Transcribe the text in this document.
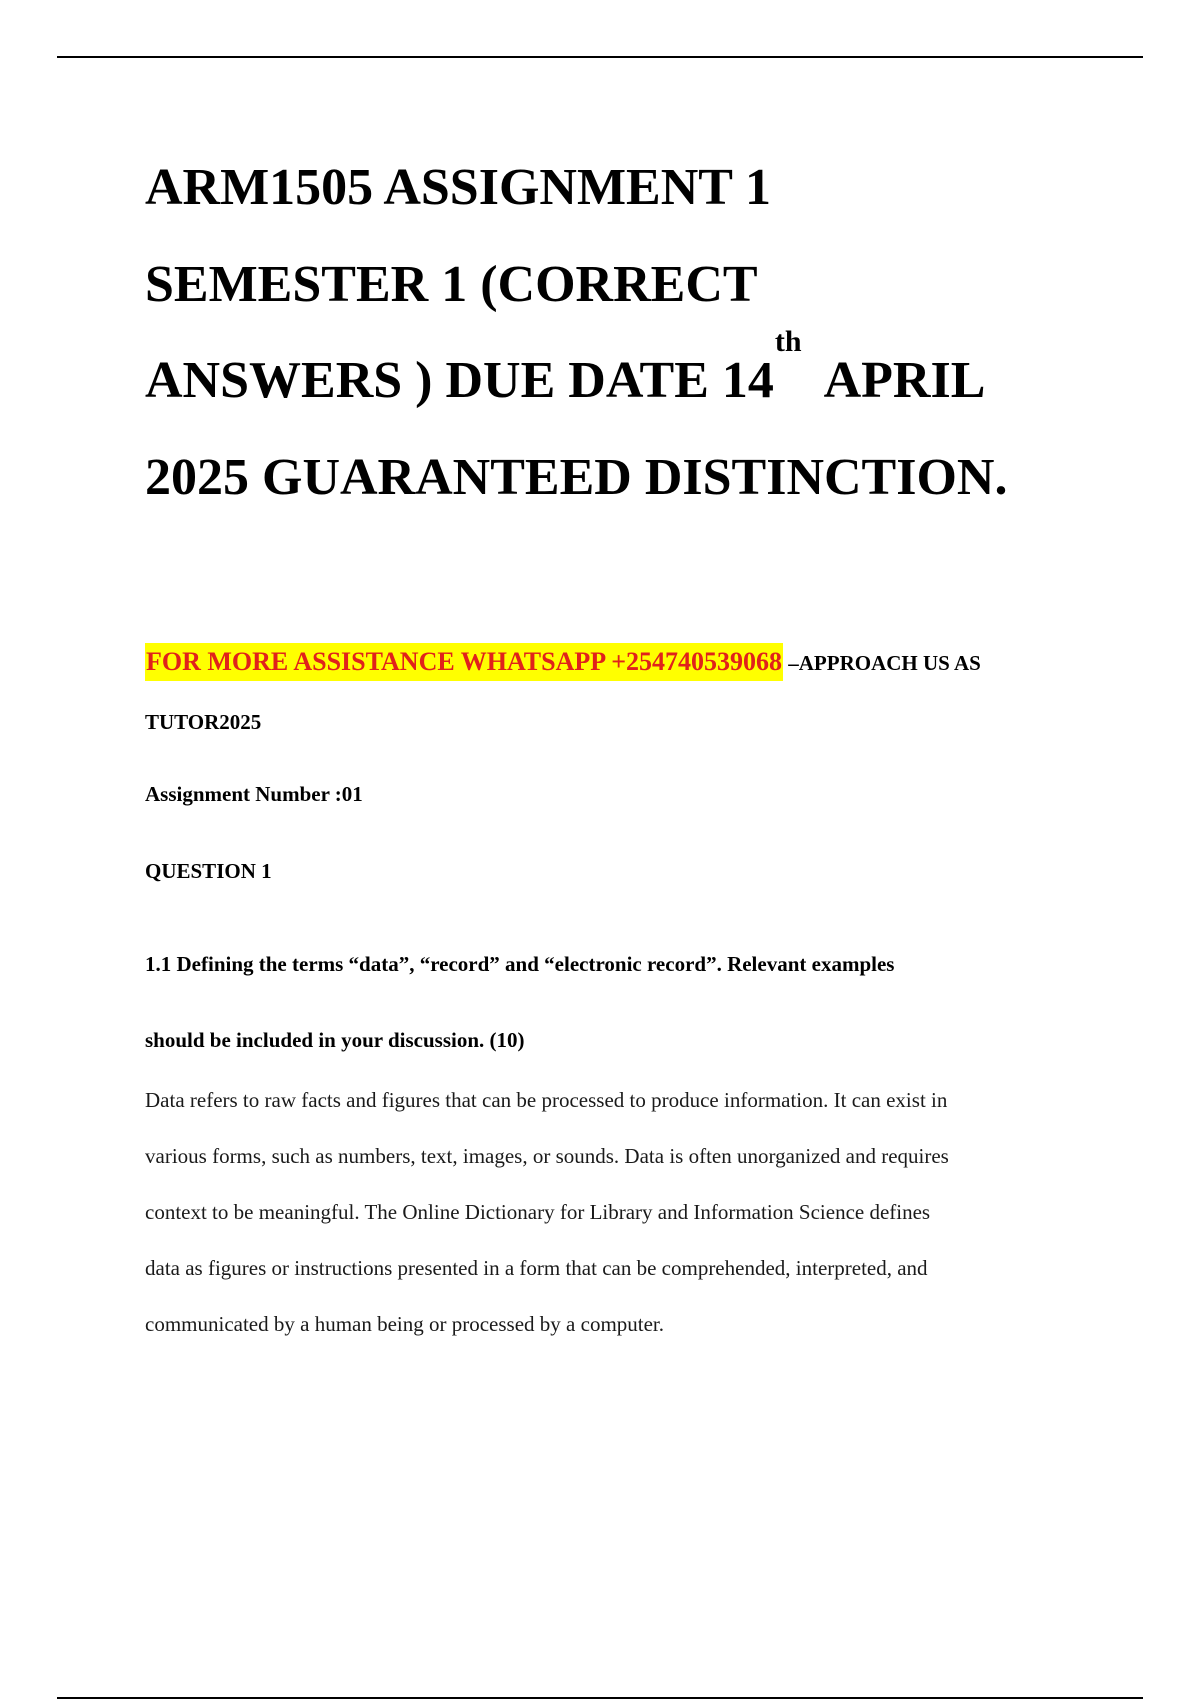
ARM1505 ASSIGNMENT 1
SEMESTER 1 (CORRECT
ANSWERS ) DUE DATE 14thAPRIL
2025 GUARANTEED DISTINCTION.
FOR MORE ASSISTANCE WHATSAPP +254740539068 –APPROACH US AS
TUTOR2025
Assignment Number :01
QUESTION 1
1.1 Defining the terms “data”, “record” and “electronic record”. Relevant examples
should be included in your discussion. (10)
Data refers to raw facts and figures that can be processed to produce information. It can exist in
various forms, such as numbers, text, images, or sounds. Data is often unorganized and requires
context to be meaningful. The Online Dictionary for Library and Information Science defines
data as figures or instructions presented in a form that can be comprehended, interpreted, and
communicated by a human being or processed by a computer.
